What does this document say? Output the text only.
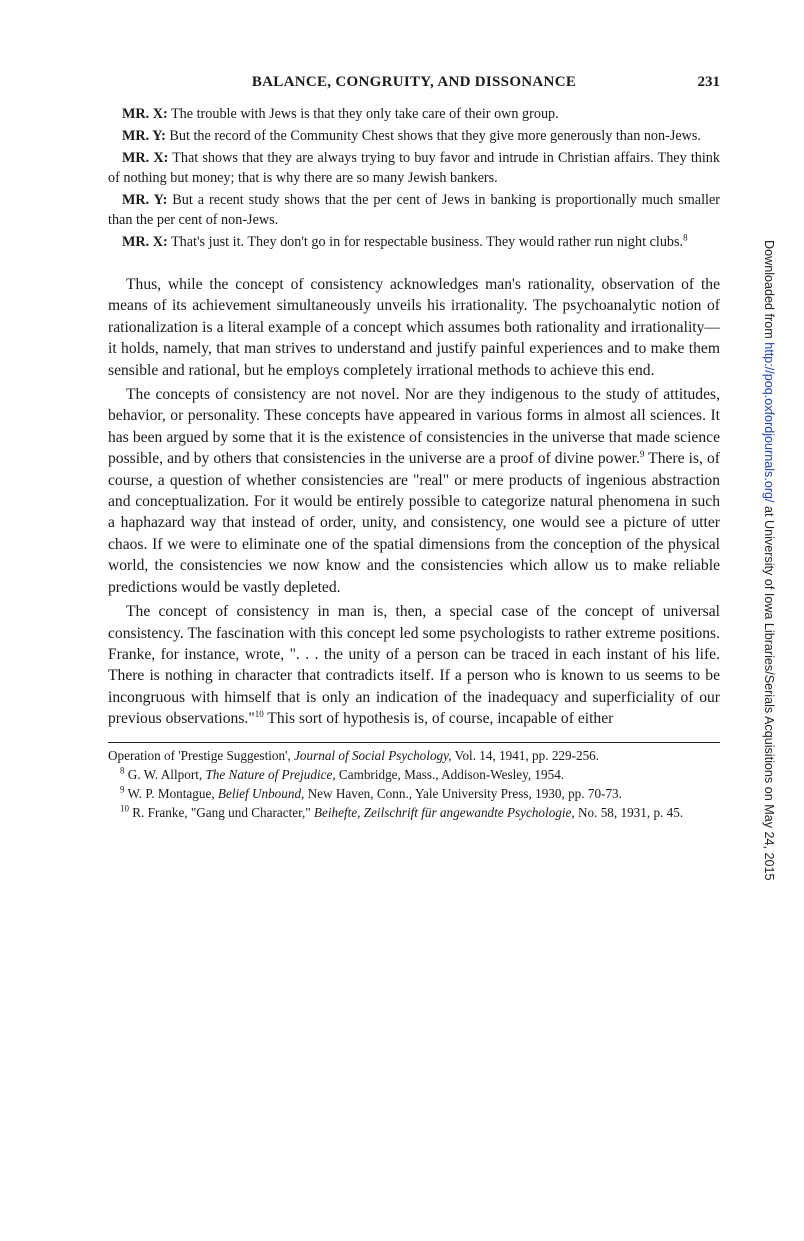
BALANCE, CONGRUITY, AND DISSONANCE	231

MR. X: The trouble with Jews is that they only take care of their own group.

MR. Y: But the record of the Community Chest shows that they give more generously than non-Jews.

MR. X: That shows that they are always trying to buy favor and intrude in Christian affairs. They think of nothing but money; that is why there are so many Jewish bankers.

MR. Y: But a recent study shows that the per cent of Jews in banking is proportionally much smaller than the per cent of non-Jews.

MR. X: That's just it. They don't go in for respectable business. They would rather run night clubs.$^8$

Thus, while the concept of consistency acknowledges man's rationality, observation of the means of its achievement simultaneously unveils his irrationality. The psychoanalytic notion of rationalization is a literal example of a concept which assumes both rationality and irrationality—it holds, namely, that man strives to understand and justify painful experiences and to make them sensible and rational, but he employs completely irrational methods to achieve this end.

The concepts of consistency are not novel. Nor are they indigenous to the study of attitudes, behavior, or personality. These concepts have appeared in various forms in almost all sciences. It has been argued by some that it is the existence of consistencies in the universe that made science possible, and by others that consistencies in the universe are a proof of divine power.$^9$ There is, of course, a question of whether consistencies are "real" or mere products of ingenious abstraction and conceptualization. For it would be entirely possible to categorize natural phenomena in such a haphazard way that instead of order, unity, and consistency, one would see a picture of utter chaos. If we were to eliminate one of the spatial dimensions from the conception of the physical world, the consistencies we now know and the consistencies which allow us to make reliable predictions would be vastly depleted.

The concept of consistency in man is, then, a special case of the concept of universal consistency. The fascination with this concept led some psychologists to rather extreme positions. Franke, for instance, wrote, ". . . the unity of a person can be traced in each instant of his life. There is nothing in character that contradicts itself. If a person who is known to us seems to be incongruous with himself that is only an indication of the inadequacy and superficiality of our previous observations."$^{10}$ This sort of hypothesis is, of course, incapable of either

Operation of 'Prestige Suggestion', Journal of Social Psychology, Vol. 14, 1941, pp. 229-256.

$^8$ G. W. Allport, The Nature of Prejudice, Cambridge, Mass., Addison-Wesley, 1954.

$^9$ W. P. Montague, Belief Unbound, New Haven, Conn., Yale University Press, 1930, pp. 70-73.

$^{10}$ R. Franke, "Gang und Character," Beihefte, Zeilschrift für angewandte Psychologie, No. 58, 1931, p. 45.

Downloaded from http://poq.oxfordjournals.org/ at University of Iowa Libraries/Serials Acquisitions on May 24, 2015
